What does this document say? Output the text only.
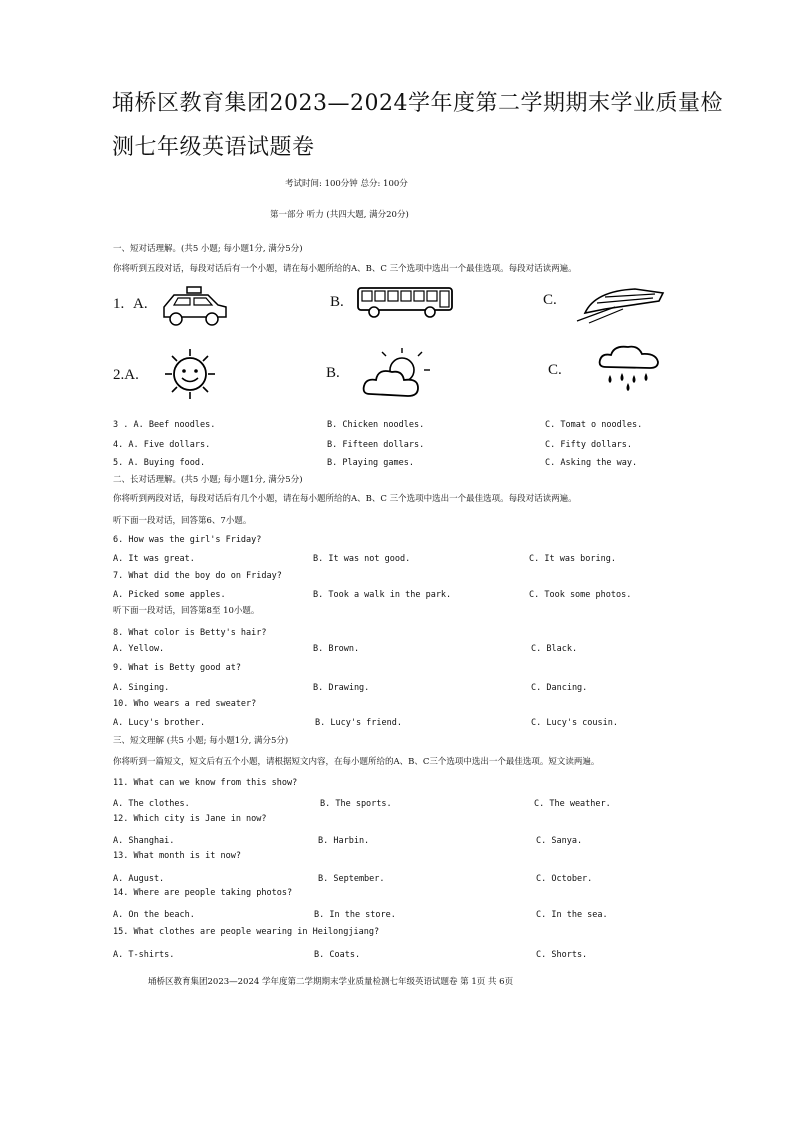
埇桥区教育集团2023—2024学年度第二学期期末学业质量检
测七年级英语试题卷
考试时间: 100分钟 总分: 100分
第一部分 听力 (共四大题, 满分20分)
一、短对话理解。(共5 小题; 每小题1分, 满分5分)
你将听到五段对话，每段对话后有一个小题，请在每小题所给的A、B、C 三个选项中选出一个最佳选项。每段对话读两遍。
1. A.	B.	C.
2.A.	B.	C.
3 . A. Beef noodles.	B. Chicken noodles.	C. Tomat o noodles.
4. A. Five dollars.	B. Fifteen dollars.	C. Fifty dollars.
5. A. Buying food.	B. Playing games.	C. Asking the way.
二、长对话理解。(共5 小题; 每小题1分, 满分5分)
你将听到两段对话，每段对话后有几个小题，请在每小题所给的A、B、C 三个选项中选出一个最佳选项。每段对话读两遍。
听下面一段对话，回答第6、7小题。
6. How was the girl's Friday?
A. It was great.	B. It was not good.	C. It was boring.
7. What did the boy do on Friday?
A. Picked some apples.	B. Took a walk in the park.	C. Took some photos.
听下面一段对话，回答第8至 10小题。
8. What color is Betty's hair?
A. Yellow.	B. Brown.	C. Black.
9. What is Betty good at?
A. Singing.	B. Drawing.	C. Dancing.
10. Who wears a red sweater?
A. Lucy's brother.	B. Lucy's friend.	C. Lucy's cousin.
三、短文理解 (共5 小题; 每小题1分, 满分5分)
你将听到一篇短文，短文后有五个小题，请根据短文内容，在每小题所给的A、B、C三个选项中选出一个最佳选项。短文读两遍。
11. What can we know from this show?
A. The clothes.	B. The sports.	C. The weather.
12. Which city is Jane in now?
A. Shanghai.	B. Harbin.	C. Sanya.
13. What month is it now?
A. August.	B. September.	C. October.
14. Where are people taking photos?
A. On the beach.	B. In the store.	C. In the sea.
15. What clothes are people wearing in Heilongjiang?
A. T-shirts.	B. Coats.	C. Shorts.
埇桥区教育集团2023—2024 学年度第二学期期末学业质量检测七年级英语试题卷 第 1页 共 6页
